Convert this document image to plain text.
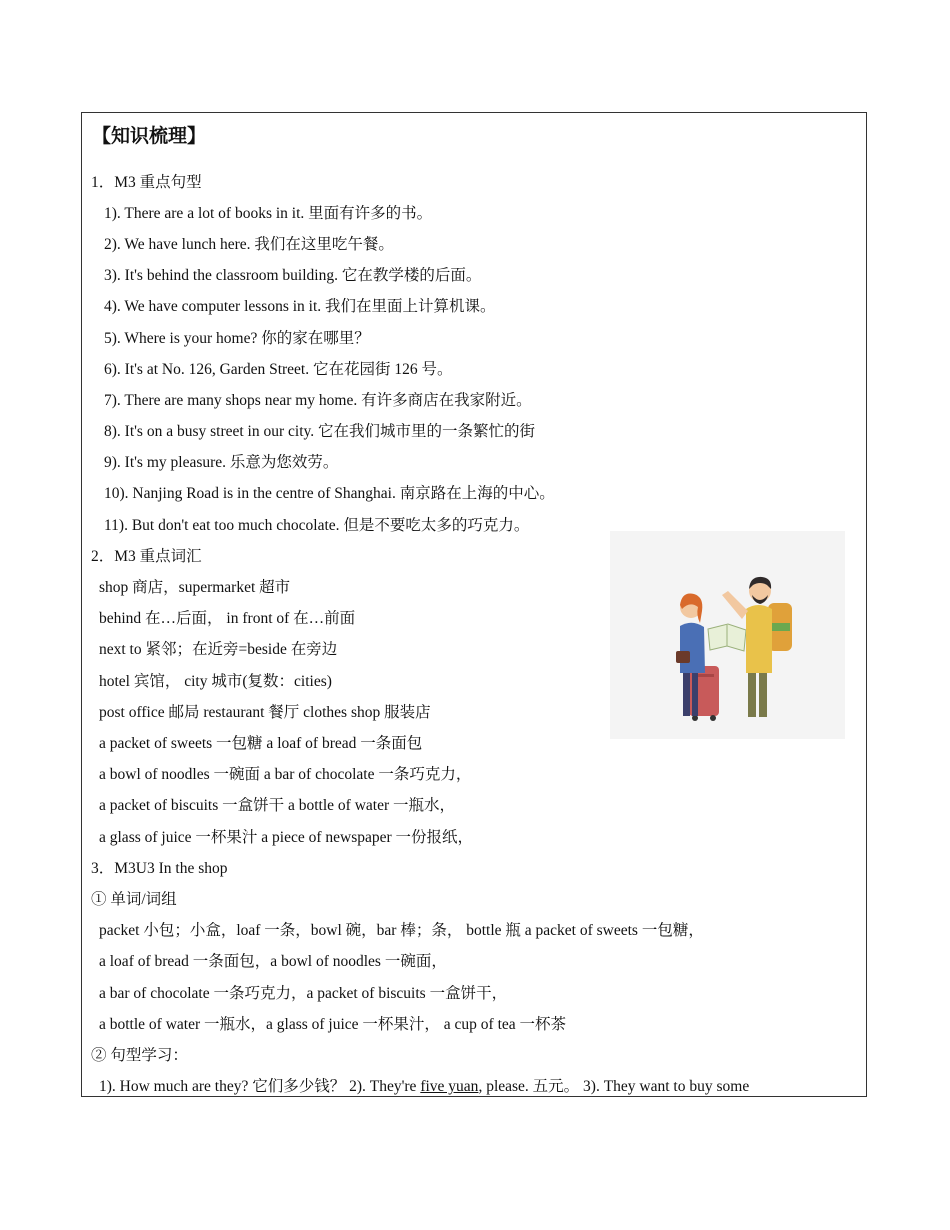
【知识梳理】
1．M3 重点句型
1). There are a lot of books in it. 里面有许多的书。
2). We have lunch here. 我们在这里吃午餐。
3). It's behind the classroom building. 它在教学楼的后面。
4). We have computer lessons in it. 我们在里面上计算机课。
5). Where is your home? 你的家在哪里？
6). It's at No. 126, Garden Street. 它在花园街 126 号。
7). There are many shops near my home. 有许多商店在我家附近。
8). It's on a busy street in our city. 它在我们城市里的一条繁忙的街
9). It's my pleasure. 乐意为您效劳。
10). Nanjing Road is in the centre of Shanghai. 南京路在上海的中心。
11). But don't eat too much chocolate. 但是不要吃太多的巧克力。
2．M3 重点词汇
shop 商店，supermarket 超市
behind 在…后面， in front of 在…前面
next to 紧邻；在近旁=beside 在旁边
hotel 宾馆， city 城市(复数：cities)
post office 邮局 restaurant 餐厅 clothes shop 服装店
a packet of sweets 一包糖 a loaf of bread 一条面包
a bowl of noodles 一碗面 a bar of chocolate 一条巧克力，
a packet of biscuits 一盒饼干 a bottle of water 一瓶水，
a glass of juice 一杯果汁 a piece of newspaper 一份报纸，
3．M3U3 In the shop
① 单词/词组
packet 小包；小盒，loaf 一条，bowl 碗，bar 棒；条， bottle 瓶 a packet of sweets 一包糖，
a loaf of bread 一条面包，a bowl of noodles 一碗面，
a bar of chocolate 一条巧克力，a packet of biscuits 一盒饼干，
a bottle of water 一瓶水，a glass of juice 一杯果汁， a cup of tea 一杯茶
② 句型学习：
1). How much are they? 它们多少钱？ 2). They're five yuan, please. 五元。 3). They want to buy some
